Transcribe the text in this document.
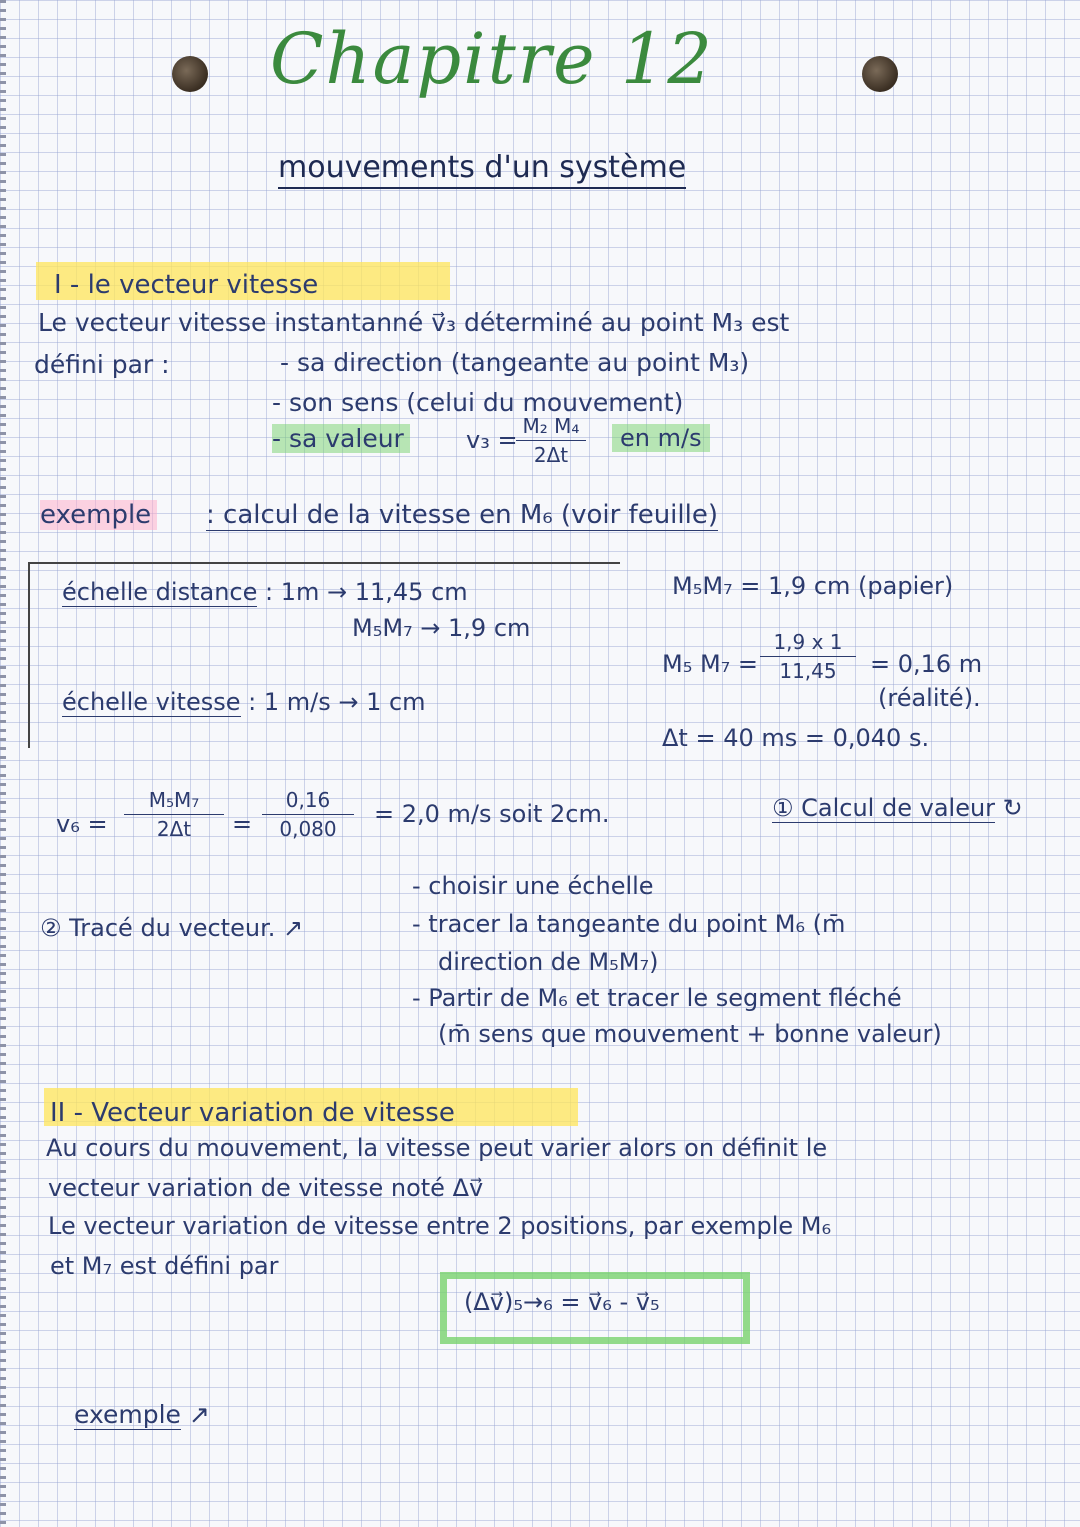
Chapitre 12
mouvements d'un système
I - le vecteur vitesse
Le vecteur vitesse instantanné v⃗₃ déterminé au point M₃ est
défini par :	- sa direction (tangeante au point M₃)
- son sens (celui du mouvement)
- sa valeur	v₃ = M₂ M₄
2Δt
en m/s
exemple : calcul de la vitesse en M₆ (voir feuille)
échelle distance : 1m → 11,45 cm
M₅M₇ → 1,9 cm
échelle vitesse : 1 m/s → 1 cm
M₅M₇ = 1,9 cm (papier)
M₅ M₇ =
1,9 x 1
11,45	= 0,16 m
(réalité).
Δt = 40 ms = 0,040 s.
v₆ =
M₅M₇
2Δt	=
0,16
0,080
= 2,0 m/s soit 2cm.	① Calcul de valeur ↻
② Tracé du vecteur. ↗
- choisir une échelle
- tracer la tangeante du point M₆ (m̄
direction de M₅M₇)
- Partir de M₆ et tracer le segment fléché
(m̄ sens que mouvement + bonne valeur)
II - Vecteur variation de vitesse
Au cours du mouvement, la vitesse peut varier alors on définit le
vecteur variation de vitesse noté Δv⃗
Le vecteur variation de vitesse entre 2 positions, par exemple M₆
et M₇ est défini par
(Δv⃗)₅→₆ = v⃗₆ - v⃗₅
exemple ↗
